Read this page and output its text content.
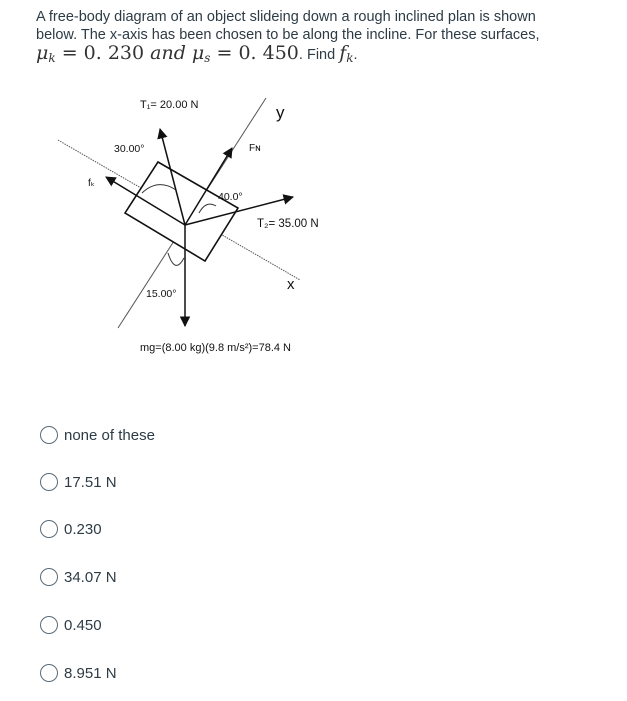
A free-body diagram of an object slideing down a rough inclined plan is shown
below. The x-axis has been chosen to be along the incline. For these surfaces,
$\mu_k = 0$. 230 and $\mu_s = 0$. 450. Find $f_k$.
T₁= 20.00 N
30.00°
fₖ
Fɴ
y
40.0°
T₂= 35.00 N
x
15.00°
mg=(8.00 kg)(9.8 m/s²)=78.4 N
none of these
17.51 N
0.230
34.07 N
0.450
8.951 N
